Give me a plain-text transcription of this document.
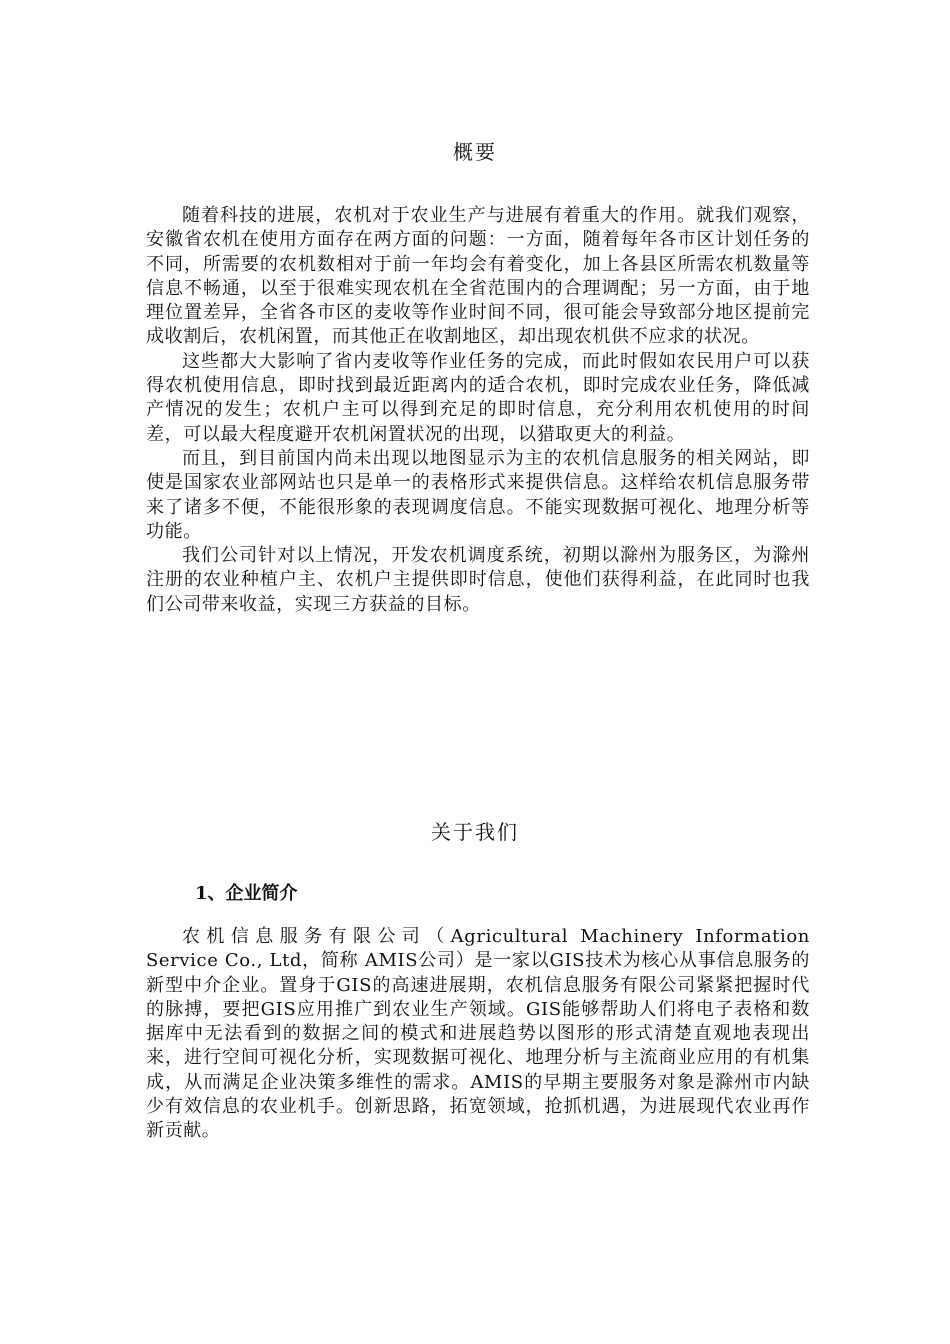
概要

随着科技的进展，农机对于农业生产与进展有着重大的作用。就我们观察，安徽省农机在使用方面存在两方面的问题：一方面，随着每年各市区计划任务的不同，所需要的农机数相对于前一年均会有着变化，加上各县区所需农机数量等信息不畅通，以至于很难实现农机在全省范围内的合理调配；另一方面，由于地理位置差异，全省各市区的麦收等作业时间不同，很可能会导致部分地区提前完成收割后，农机闲置，而其他正在收割地区，却出现农机供不应求的状况。

这些都大大影响了省内麦收等作业任务的完成，而此时假如农民用户可以获得农机使用信息，即时找到最近距离内的适合农机，即时完成农业任务，降低减产情况的发生；农机户主可以得到充足的即时信息，充分利用农机使用的时间差，可以最大程度避开农机闲置状况的出现，以猎取更大的利益。

而且，到目前国内尚未出现以地图显示为主的农机信息服务的相关网站，即使是国家农业部网站也只是单一的表格形式来提供信息。这样给农机信息服务带来了诸多不便，不能很形象的表现调度信息。不能实现数据可视化、地理分析等功能。

我们公司针对以上情况，开发农机调度系统，初期以滁州为服务区，为滁州注册的农业种植户主、农机户主提供即时信息，使他们获得利益，在此同时也我们公司带来收益，实现三方获益的目标。

关于我们
1、企业简介

农机信息服务有限公司（Agricultural Machinery Information Service Co., Ltd，简称 AMIS公司）是一家以GIS技术为核心从事信息服务的新型中介企业。置身于GIS的高速进展期，农机信息服务有限公司紧紧把握时代的脉搏，要把GIS应用推广到农业生产领域。GIS能够帮助人们将电子表格和数据库中无法看到的数据之间的模式和进展趋势以图形的形式清楚直观地表现出来，进行空间可视化分析，实现数据可视化、地理分析与主流商业应用的有机集成，从而满足企业决策多维性的需求。AMIS的早期主要服务对象是滁州市内缺少有效信息的农业机手。创新思路，拓宽领域，抢抓机遇，为进展现代农业再作新贡献。
